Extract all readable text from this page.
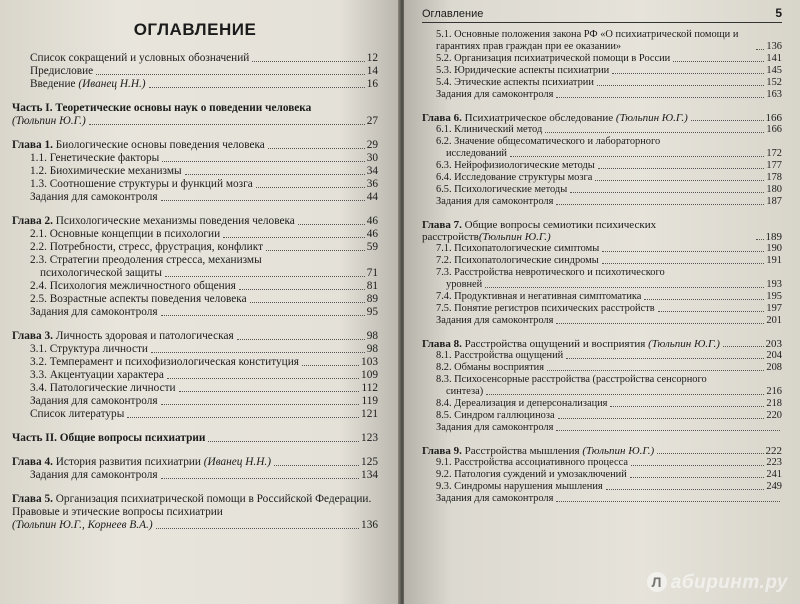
ОГЛАВЛЕНИЕ
Список сокращений и условных обозначений	12
Предисловие	14
Введение (Иванец Н.Н.)	16
Часть I. Теоретические основы наук о поведении человека
(Тюльпин Ю.Г.)	27
Глава 1. Биологические основы поведения человека	29
1.1. Генетические факторы	30
1.2. Биохимические механизмы	34
1.3. Соотношение структуры и функций мозга	36
Задания для самоконтроля	44
Глава 2. Психологические механизмы поведения человека	46
2.1. Основные концепции в психологии	46
2.2. Потребности, стресс, фрустрация, конфликт	59
2.3. Стратегии преодоления стресса, механизмы
психологической защиты	71
2.4. Психология межличностного общения	81
2.5. Возрастные аспекты поведения человека	89
Задания для самоконтроля	95
Глава 3. Личность здоровая и патологическая	98
3.1. Структура личности	98
3.2. Темперамент и психофизиологическая конституция	103
3.3. Акцентуации характера	109
3.4. Патологические личности	112
Задания для самоконтроля	119
Список литературы	121
Часть II. Общие вопросы психиатрии	123
Глава 4. История развития психиатрии (Иванец Н.Н.)	125
Задания для самоконтроля	134
Глава 5. Организация психиатрической помощи в Российской Федерации. Правовые и этические вопросы психиатрии
(Тюльпин Ю.Г., Корнеев В.А.)	136
Оглавление	5
5.1. Основные положения закона РФ «О психиатрической помощи и гарантиях прав граждан при ее оказании»	136
5.2. Организация психиатрической помощи в России	141
5.3. Юридические аспекты психиатрии	145
5.4. Этические аспекты психиатрии	152
Задания для самоконтроля	163
Глава 6. Психиатрическое обследование (Тюльпин Ю.Г.)	166
6.1. Клинический метод	166
6.2. Значение общесоматического и лабораторного
исследований	172
6.3. Нейрофизиологические методы	177
6.4. Исследование структуры мозга	178
6.5. Психологические методы	180
Задания для самоконтроля	187
Глава 7. Общие вопросы семиотики психических расстройств(Тюльпин Ю.Г.)	189
7.1. Психопатологические симптомы	190
7.2. Психопатологические синдромы	191
7.3. Расстройства невротического и психотического
уровней	193
7.4. Продуктивная и негативная симптоматика	195
7.5. Понятие регистров психических расстройств	197
Задания для самоконтроля	201
Глава 8. Расстройства ощущений и восприятия (Тюльпин Ю.Г.)	203
8.1. Расстройства ощущений	204
8.2. Обманы восприятия	208
8.3. Психосенсорные расстройства (расстройства сенсорного
синтеза)	216
8.4. Дереализация и деперсонализация	218
8.5. Синдром галлюциноза	220
Задания для самоконтроля
Глава 9. Расстройства мышления (Тюльпин Ю.Г.)	222
9.1. Расстройства ассоциативного процесса	223
9.2. Патология суждений и умозаключений	241
9.3. Синдромы нарушения мышления	249
Задания для самоконтроля
Л абиринт.ру
